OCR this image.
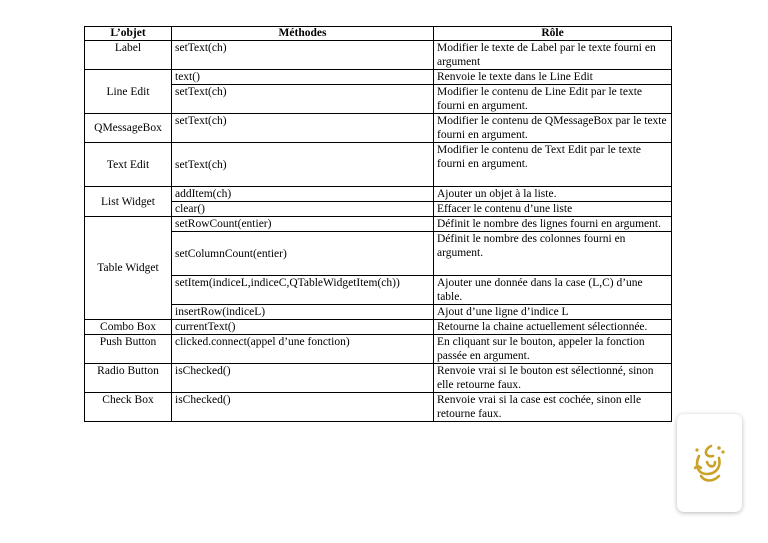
L’objet	Méthodes	Rôle
Label	setText(ch)	Modifier le texte de Label par le texte fourni en argument
Line Edit	text()	Renvoie le texte dans le Line Edit
	setText(ch)	Modifier le contenu de Line Edit par le texte fourni en argument.
QMessageBox	setText(ch)	Modifier le contenu de QMessageBox par le texte fourni en argument.
Text Edit	setText(ch)	Modifier le contenu de Text Edit par le texte fourni en argument.
List Widget	addItem(ch)	Ajouter un objet à la liste.
	clear()	Effacer le contenu d’une liste
Table Widget	setRowCount(entier)	Définit le nombre des lignes fourni en argument.
	setColumnCount(entier)	Définit le nombre des colonnes fourni en argument.
	setItem(indiceL,indiceC,QTableWidgetItem(ch))	Ajouter une donnée dans la case (L,C) d’une table.
	insertRow(indiceL)	Ajout d’une ligne d’indice L
Combo Box	currentText()	Retourne la chaine actuellement sélectionnée.
Push Button	clicked.connect(appel d’une fonction)	En cliquant sur le bouton, appeler la fonction passée en argument.
Radio Button	isChecked()	Renvoie vrai si le bouton est sélectionné, sinon elle retourne faux.
Check Box	isChecked()	Renvoie vrai si la case est cochée, sinon elle retourne faux.
